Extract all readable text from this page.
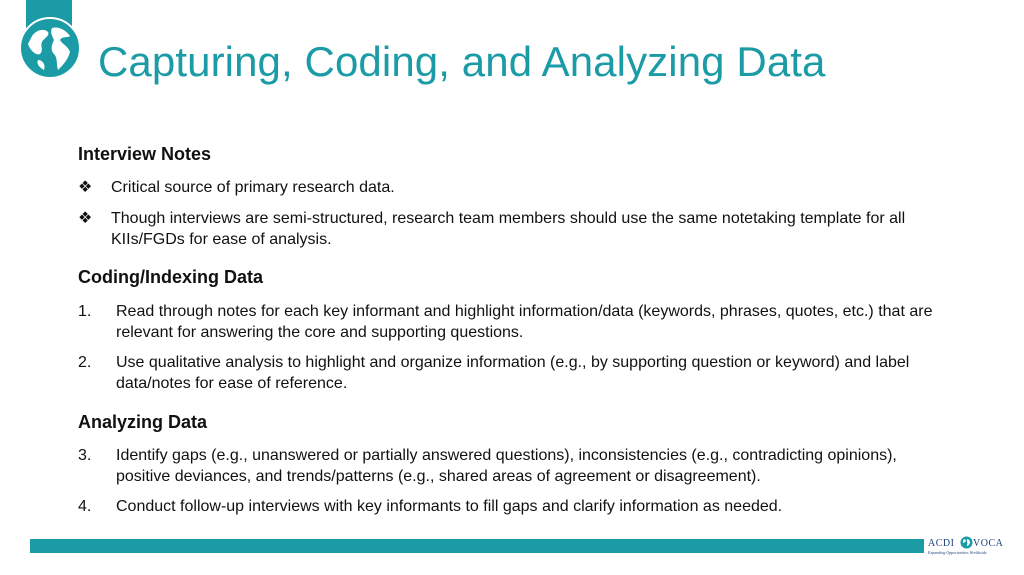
Capturing, Coding, and Analyzing Data
Interview Notes
❖ Critical source of primary research data.
❖ Though interviews are semi-structured, research team members should use the same notetaking template for all KIIs/FGDs for ease of analysis.
Coding/Indexing Data
1. Read through notes for each key informant and highlight information/data (keywords, phrases, quotes, etc.) that are relevant for answering the core and supporting questions.
2. Use qualitative analysis to highlight and organize information (e.g., by supporting question or keyword) and label data/notes for ease of reference.
Analyzing Data
3. Identify gaps (e.g., unanswered or partially answered questions), inconsistencies (e.g., contradicting opinions), positive deviances, and trends/patterns (e.g., shared areas of agreement or disagreement).
4. Conduct follow-up interviews with key informants to fill gaps and clarify information as needed.
ACDI VOCA
Expanding Opportunities Worldwide
